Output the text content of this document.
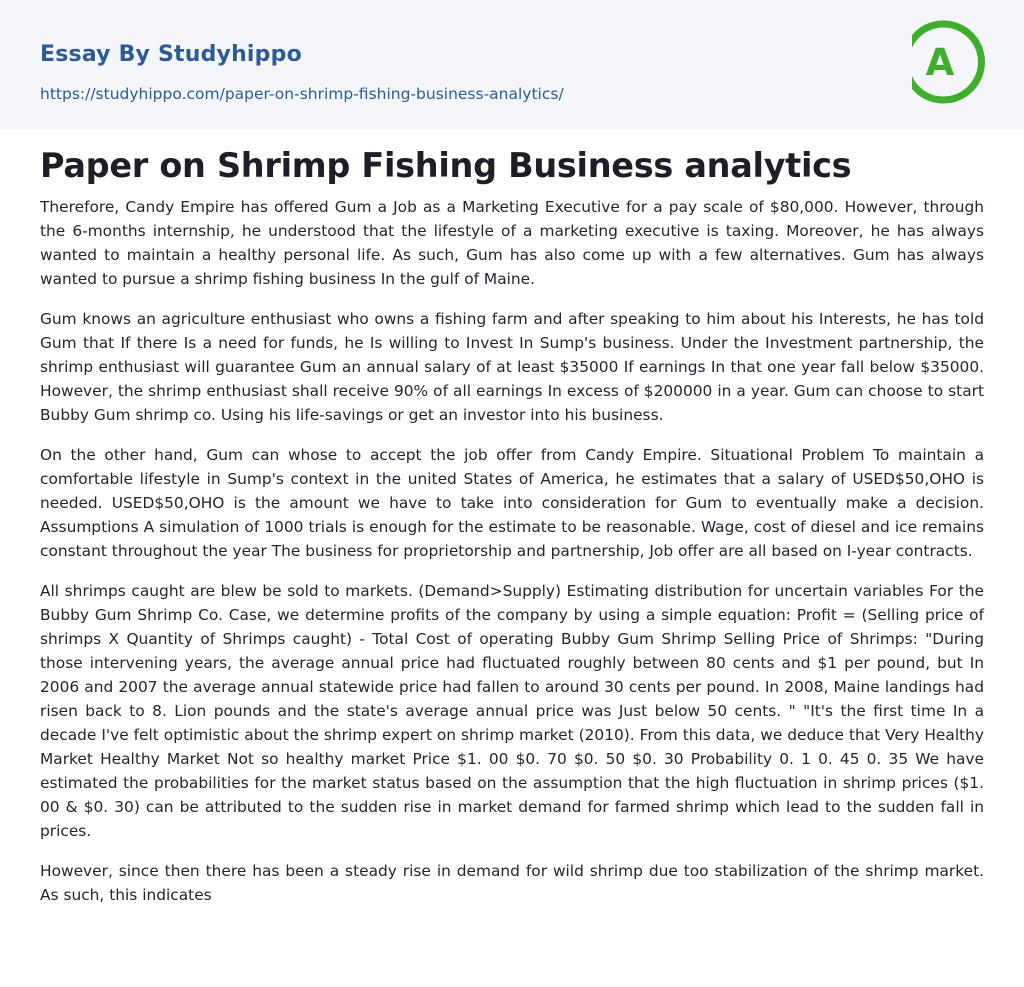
Essay By Studyhippo
https://studyhippo.com/paper-on-shrimp-fishing-business-analytics/
A
Paper on Shrimp Fishing Business analytics

Therefore, Candy Empire has offered Gum a Job as a Marketing Executive for a pay scale of $80,000. However, through the 6-months internship, he understood that the lifestyle of a marketing executive is taxing. Moreover, he has always wanted to maintain a healthy personal life. As such, Gum has also come up with a few alternatives. Gum has always wanted to pursue a shrimp fishing business In the gulf of Maine.

Gum knows an agriculture enthusiast who owns a fishing farm and after speaking to him about his Interests, he has told Gum that If there Is a need for funds, he Is willing to Invest In Sump's business. Under the Investment partnership, the shrimp enthusiast will guarantee Gum an annual salary of at least $35000 If earnings In that one year fall below $35000. However, the shrimp enthusiast shall receive 90% of all earnings In excess of $200000 in a year. Gum can choose to start Bubby Gum shrimp co. Using his life-savings or get an investor into his business.

On the other hand, Gum can whose to accept the job offer from Candy Empire. Situational Problem To maintain a comfortable lifestyle in Sump's context in the united States of America, he estimates that a salary of USED$50,OHO is needed. USED$50,OHO is the amount we have to take into consideration for Gum to eventually make a decision. Assumptions A simulation of 1000 trials is enough for the estimate to be reasonable. Wage, cost of diesel and ice remains constant throughout the year The business for proprietorship and partnership, Job offer are all based on I-year contracts.

All shrimps caught are blew be sold to markets. (Demand>Supply) Estimating distribution for uncertain variables For the Bubby Gum Shrimp Co. Case, we determine profits of the company by using a simple equation: Profit = (Selling price of shrimps X Quantity of Shrimps caught) - Total Cost of operating Bubby Gum Shrimp Selling Price of Shrimps: "During those intervening years, the average annual price had fluctuated roughly between 80 cents and $1 per pound, but In 2006 and 2007 the average annual statewide price had fallen to around 30 cents per pound. In 2008, Maine landings had risen back to 8. Lion pounds and the state's average annual price was Just below 50 cents. " "It's the first time In a decade I've felt optimistic about the shrimp expert on shrimp market (2010). From this data, we deduce that Very Healthy Market Healthy Market Not so healthy market Price $1. 00 $0. 70 $0. 50 $0. 30 Probability 0. 1 0. 45 0. 35 We have estimated the probabilities for the market status based on the assumption that the high fluctuation in shrimp prices ($1. 00 & $0. 30) can be attributed to the sudden rise in market demand for farmed shrimp which lead to the sudden fall in prices.

However, since then there has been a steady rise in demand for wild shrimp due too stabilization of the shrimp market. As such, this indicates
